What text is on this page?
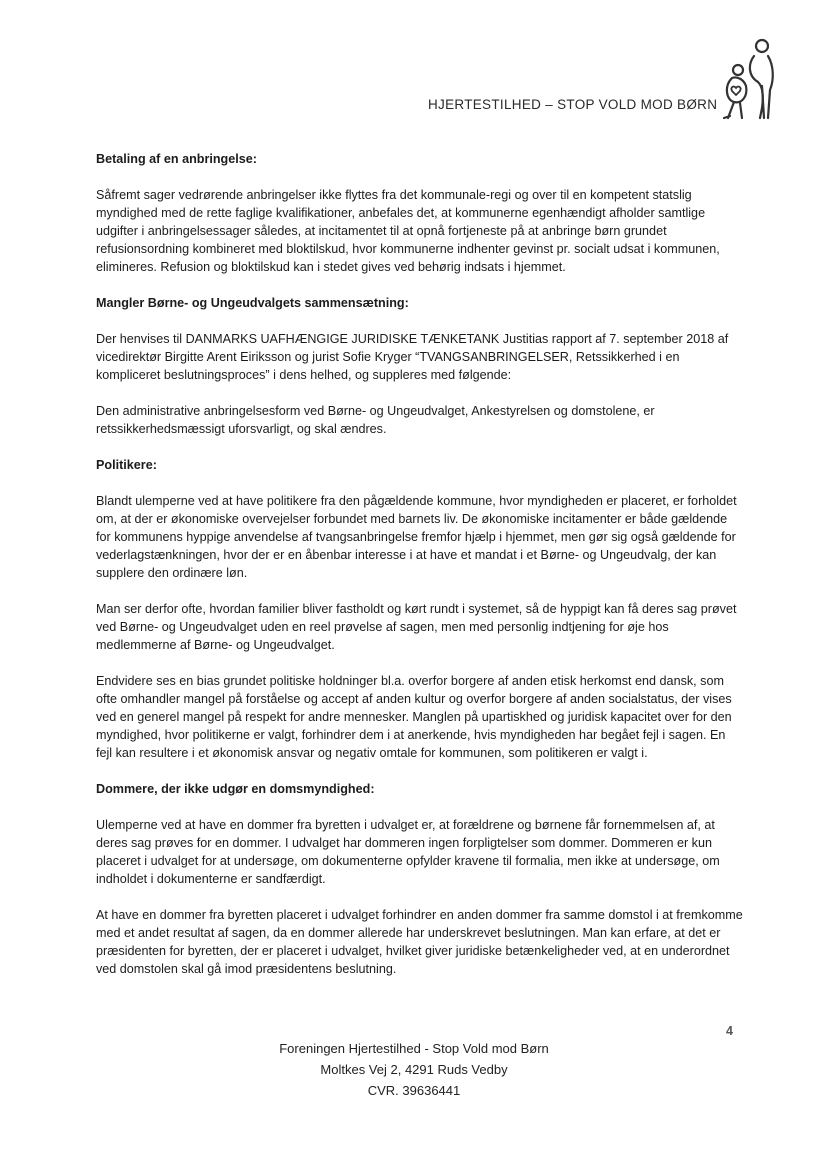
HJERTESTILHED – STOP VOLD MOD BØRN
Betaling af en anbringelse:

Såfremt sager vedrørende anbringelser ikke flyttes fra det kommunale-regi og over til en kompetent statslig myndighed med de rette faglige kvalifikationer, anbefales det, at kommunerne egenhændigt afholder samtlige udgifter i anbringelsessager således, at incitamentet til at opnå fortjeneste på at anbringe børn grundet refusionsordning kombineret med bloktilskud, hvor kommunerne indhenter gevinst pr. socialt udsat i kommunen, elimineres. Refusion og bloktilskud kan i stedet gives ved behørig indsats i hjemmet.

Mangler Børne- og Ungeudvalgets sammensætning:

Der henvises til DANMARKS UAFHÆNGIGE JURIDISKE TÆNKETANK Justitias rapport af 7. september 2018 af vicedirektør Birgitte Arent Eiriksson og jurist Sofie Kryger “TVANGSANBRINGELSER, Retssikkerhed i en kompliceret beslutningsproces” i dens helhed, og suppleres med følgende:

Den administrative anbringelsesform ved Børne- og Ungeudvalget, Ankestyrelsen og domstolene, er retssikkerhedsmæssigt uforsvarligt, og skal ændres.

Politikere:

Blandt ulemperne ved at have politikere fra den pågældende kommune, hvor myndigheden er placeret, er forholdet om, at der er økonomiske overvejelser forbundet med barnets liv. De økonomiske incitamenter er både gældende for kommunens hyppige anvendelse af tvangsanbringelse fremfor hjælp i hjemmet, men gør sig også gældende for vederlagstænkningen, hvor der er en åbenbar interesse i at have et mandat i et Børne- og Ungeudvalg, der kan supplere den ordinære løn.

Man ser derfor ofte, hvordan familier bliver fastholdt og kørt rundt i systemet, så de hyppigt kan få deres sag prøvet ved Børne- og Ungeudvalget uden en reel prøvelse af sagen, men med personlig indtjening for øje hos medlemmerne af Børne- og Ungeudvalget.

Endvidere ses en bias grundet politiske holdninger bl.a. overfor borgere af anden etisk herkomst end dansk, som ofte omhandler mangel på forståelse og accept af anden kultur og overfor borgere af anden socialstatus, der vises ved en generel mangel på respekt for andre mennesker. Manglen på upartiskhed og juridisk kapacitet over for den myndighed, hvor politikerne er valgt, forhindrer dem i at anerkende, hvis myndigheden har begået fejl i sagen. En fejl kan resultere i et økonomisk ansvar og negativ omtale for kommunen, som politikeren er valgt i.

Dommere, der ikke udgør en domsmyndighed:

Ulemperne ved at have en dommer fra byretten i udvalget er, at forældrene og børnene får fornemmelsen af, at deres sag prøves for en dommer. I udvalget har dommeren ingen forpligtelser som dommer. Dommeren er kun placeret i udvalget for at undersøge, om dokumenterne opfylder kravene til formalia, men ikke at undersøge, om indholdet i dokumenterne er sandfærdigt.

At have en dommer fra byretten placeret i udvalget forhindrer en anden dommer fra samme domstol i at fremkomme med et andet resultat af sagen, da en dommer allerede har underskrevet beslutningen. Man kan erfare, at det er præsidenten for byretten, der er placeret i udvalget, hvilket giver juridiske betænkeligheder ved, at en underordnet ved domstolen skal gå imod præsidentens beslutning.

4
Foreningen Hjertestilhed - Stop Vold mod Børn
Moltkes Vej 2, 4291 Ruds Vedby
CVR. 39636441
